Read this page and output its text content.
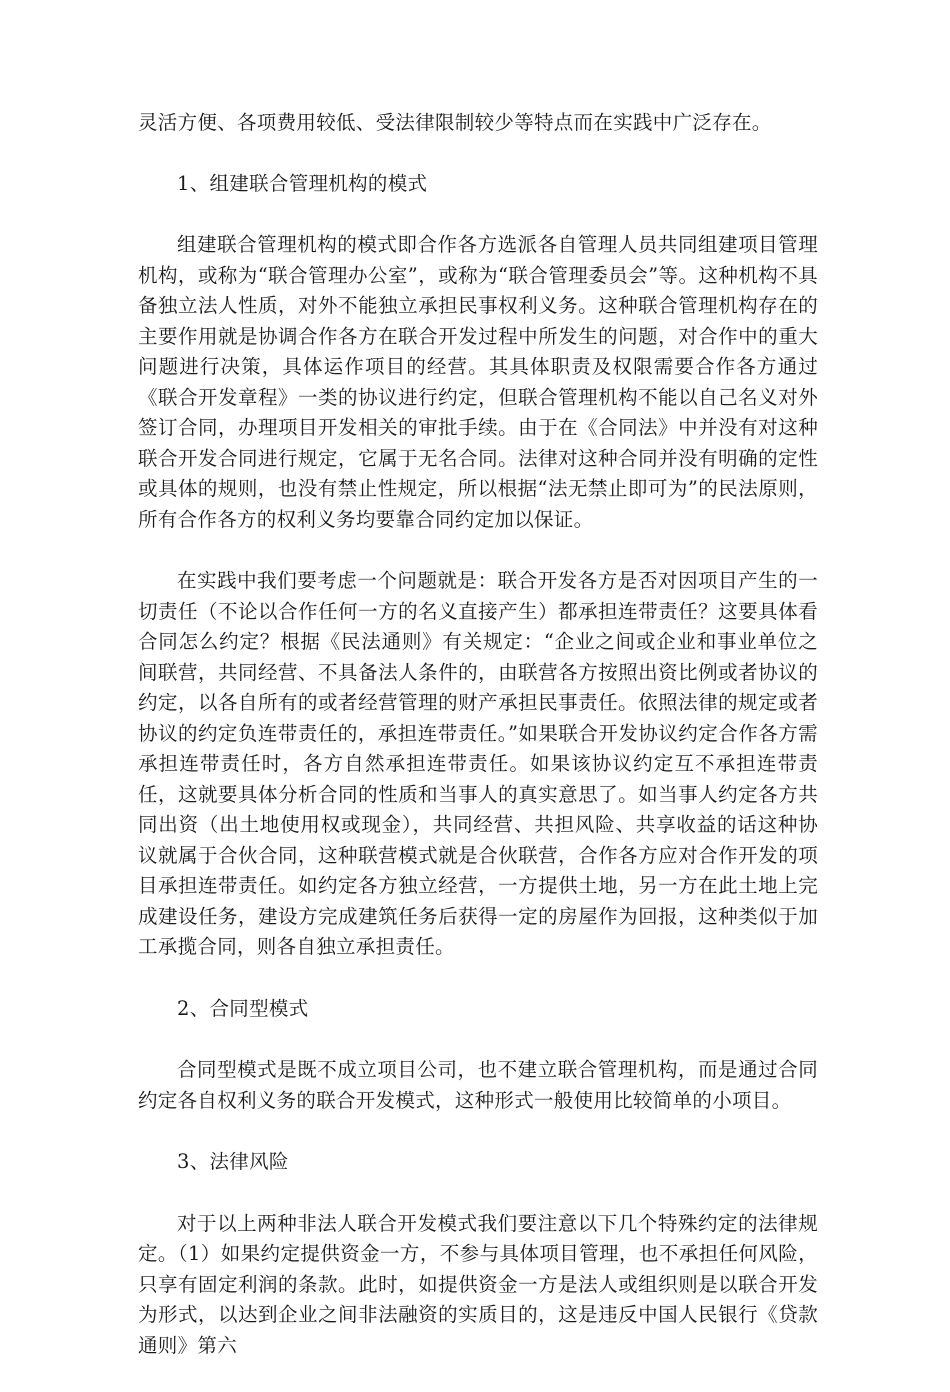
灵活方便、各项费用较低、受法律限制较少等特点而在实践中广泛存在。

1、组建联合管理机构的模式

组建联合管理机构的模式即合作各方选派各自管理人员共同组建项目管理机构，或称为“联合管理办公室”，或称为“联合管理委员会”等。这种机构不具备独立法人性质，对外不能独立承担民事权利义务。这种联合管理机构存在的主要作用就是协调合作各方在联合开发过程中所发生的问题，对合作中的重大问题进行决策，具体运作项目的经营。其具体职责及权限需要合作各方通过《联合开发章程》一类的协议进行约定，但联合管理机构不能以自己名义对外签订合同，办理项目开发相关的审批手续。由于在《合同法》中并没有对这种联合开发合同进行规定，它属于无名合同。法律对这种合同并没有明确的定性或具体的规则，也没有禁止性规定，所以根据“法无禁止即可为”的民法原则，所有合作各方的权利义务均要靠合同约定加以保证。

在实践中我们要考虑一个问题就是：联合开发各方是否对因项目产生的一切责任（不论以合作任何一方的名义直接产生）都承担连带责任？这要具体看合同怎么约定？根据《民法通则》有关规定：“企业之间或企业和事业单位之间联营，共同经营、不具备法人条件的，由联营各方按照出资比例或者协议的约定，以各自所有的或者经营管理的财产承担民事责任。依照法律的规定或者协议的约定负连带责任的，承担连带责任。”如果联合开发协议约定合作各方需承担连带责任时，各方自然承担连带责任。如果该协议约定互不承担连带责任，这就要具体分析合同的性质和当事人的真实意思了。如当事人约定各方共同出资（出土地使用权或现金），共同经营、共担风险、共享收益的话这种协议就属于合伙合同，这种联营模式就是合伙联营，合作各方应对合作开发的项目承担连带责任。如约定各方独立经营，一方提供土地，另一方在此土地上完成建设任务，建设方完成建筑任务后获得一定的房屋作为回报，这种类似于加工承揽合同，则各自独立承担责任。

2、合同型模式

合同型模式是既不成立项目公司，也不建立联合管理机构，而是通过合同约定各自权利义务的联合开发模式，这种形式一般使用比较简单的小项目。

3、法律风险

对于以上两种非法人联合开发模式我们要注意以下几个特殊约定的法律规定。（1）如果约定提供资金一方，不参与具体项目管理，也不承担任何风险，只享有固定利润的条款。此时，如提供资金一方是法人或组织则是以联合开发为形式，以达到企业之间非法融资的实质目的，这是违反中国人民银行《贷款通则》第六
